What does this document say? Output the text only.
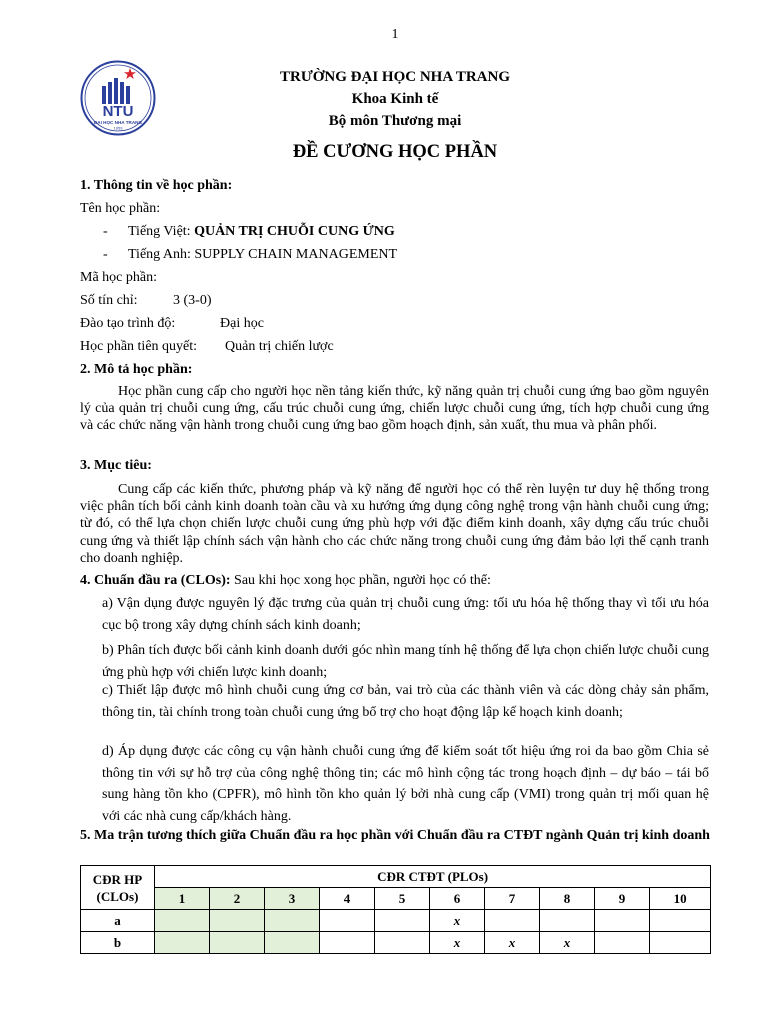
1
NTU
ĐẠI HỌC NHA TRANG
1959
TRƯỜNG ĐẠI HỌC NHA TRANG
Khoa Kinh tế
Bộ môn Thương mại
ĐỀ CƯƠNG HỌC PHẦN
1. Thông tin về học phần:
Tên học phần:
- Tiếng Việt: QUẢN TRỊ CHUỖI CUNG ỨNG
- Tiếng Anh: SUPPLY CHAIN MANAGEMENT
Mã học phần:
Số tín chỉ:	3 (3-0)
Đào tạo trình độ:	Đại học
Học phần tiên quyết: Quản trị chiến lược
2. Mô tả học phần:
Học phần cung cấp cho người học nền tảng kiến thức, kỹ năng quản trị chuỗi cung ứng bao gồm nguyên lý của quản trị chuỗi cung ứng, cấu trúc chuỗi cung ứng, chiến lược chuỗi cung ứng, tích hợp chuỗi cung ứng và các chức năng vận hành trong chuỗi cung ứng bao gồm hoạch định, sản xuất, thu mua và phân phối.
3. Mục tiêu:
Cung cấp các kiến thức, phương pháp và kỹ năng để người học có thể rèn luyện tư duy hệ thống trong việc phân tích bối cảnh kinh doanh toàn cầu và xu hướng ứng dụng công nghệ trong vận hành chuỗi cung ứng; từ đó, có thể lựa chọn chiến lược chuỗi cung ứng phù hợp với đặc điểm kinh doanh, xây dựng cấu trúc chuỗi cung ứng và thiết lập chính sách vận hành cho các chức năng trong chuỗi cung ứng đảm bảo lợi thế cạnh tranh cho doanh nghiệp.
4. Chuẩn đầu ra (CLOs): Sau khi học xong học phần, người học có thể:
a) Vận dụng được nguyên lý đặc trưng của quản trị chuỗi cung ứng: tối ưu hóa hệ thống thay vì tối ưu hóa cục bộ trong xây dựng chính sách kinh doanh;
b) Phân tích được bối cảnh kinh doanh dưới góc nhìn mang tính hệ thống để lựa chọn chiến lược chuỗi cung ứng phù hợp với chiến lược kinh doanh;
c) Thiết lập được mô hình chuỗi cung ứng cơ bản, vai trò của các thành viên và các dòng chảy sản phẩm, thông tin, tài chính trong toàn chuỗi cung ứng bổ trợ cho hoạt động lập kế hoạch kinh doanh;
d) Áp dụng được các công cụ vận hành chuỗi cung ứng để kiểm soát tốt hiệu ứng roi da bao gồm Chia sẻ thông tin với sự hỗ trợ của công nghệ thông tin; các mô hình cộng tác trong hoạch định – dự báo – tái bổ sung hàng tồn kho (CPFR), mô hình tồn kho quản lý bởi nhà cung cấp (VMI) trong quản trị mối quan hệ với các nhà cung cấp/khách hàng.
5. Ma trận tương thích giữa Chuẩn đầu ra học phần với Chuẩn đầu ra CTĐT ngành Quản trị kinh doanh
CĐR HP (CLOs)	CĐR CTĐT (PLOs)									
	1	2	3	4	5	6	7	8	9	10
a						x				
b						x	x	x		
